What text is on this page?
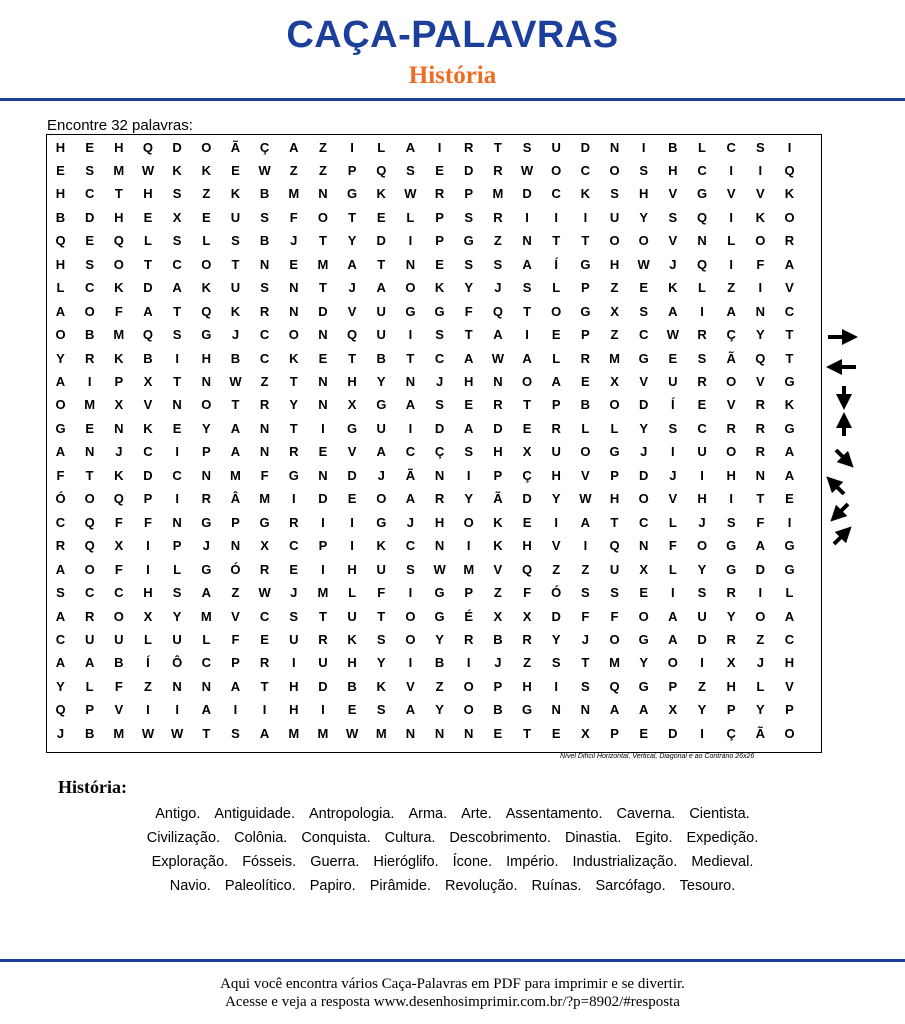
CAÇA-PALAVRAS
História
Encontre 32 palavras:
H	E	H	Q	D	O	Ã	Ç	A	Z	I	L	A	I	R	T	S	U	D	N	I	B	L	C	S	I
E	S	M	W	K	K	E	W	Z	Z	P	Q	S	E	D	R	W	O	C	O	S	H	C	I	I	Q
H	C	T	H	S	Z	K	B	M	N	G	K	W	R	P	M	D	C	K	S	H	V	G	V	V	K
B	D	H	E	X	E	U	S	F	O	T	E	L	P	S	R	I	I	I	U	Y	S	Q	I	K	O
Q	E	Q	L	S	L	S	B	J	T	Y	D	I	P	G	Z	N	T	T	O	O	V	N	L	O	R
H	S	O	T	C	O	T	N	E	M	A	T	N	E	S	S	A	Í	G	H	W	J	Q	I	F	A
L	C	K	D	A	K	U	S	N	T	J	A	O	K	Y	J	S	L	P	Z	E	K	L	Z	I	V
A	O	F	A	T	Q	K	R	N	D	V	U	G	G	F	Q	T	O	G	X	S	A	I	A	N	C
O	B	M	Q	S	G	J	C	O	N	Q	U	I	S	T	A	I	E	P	Z	C	W	R	Ç	Y	T
Y	R	K	B	I	H	B	C	K	E	T	B	T	C	A	W	A	L	R	M	G	E	S	Ã	Q	T
A	I	P	X	T	N	W	Z	T	N	H	Y	N	J	H	N	O	A	E	X	V	U	R	O	V	G
O	M	X	V	N	O	T	R	Y	N	X	G	A	S	E	R	T	P	B	O	D	Í	E	V	R	K
G	E	N	K	E	Y	A	N	T	I	G	U	I	D	A	D	E	R	L	L	Y	S	C	R	R	G
A	N	J	C	I	P	A	N	R	E	V	A	C	Ç	S	H	X	U	O	G	J	I	U	O	R	A
F	T	K	D	C	N	M	F	G	N	D	J	Ã	N	I	P	Ç	H	V	P	D	J	I	H	N	A
Ó	O	Q	P	I	R	Â	M	I	D	E	O	A	R	Y	Ã	D	Y	W	H	O	V	H	I	T	E
C	Q	F	F	N	G	P	G	R	I	I	G	J	H	O	K	E	I	A	T	C	L	J	S	F	I
R	Q	X	I	P	J	N	X	C	P	I	K	C	N	I	K	H	V	I	Q	N	F	O	G	A	G
A	O	F	I	L	G	Ó	R	E	I	H	U	S	W	M	V	Q	Z	Z	U	X	L	Y	G	D	G
S	C	C	H	S	A	Z	W	J	M	L	F	I	G	P	Z	F	Ó	S	S	E	I	S	R	I	L
A	R	O	X	Y	M	V	C	S	T	U	T	O	G	É	X	X	D	F	F	O	A	U	Y	O	A
C	U	U	L	U	L	F	E	U	R	K	S	O	Y	R	B	R	Y	J	O	G	A	D	R	Z	C
A	A	B	Í	Ô	C	P	R	I	U	H	Y	I	B	I	J	Z	S	T	M	Y	O	I	X	J	H
Y	L	F	Z	N	N	A	T	H	D	B	K	V	Z	O	P	H	I	S	Q	G	P	Z	H	L	V
Q	P	V	I	I	A	I	I	H	I	E	S	A	Y	O	B	G	N	N	A	A	X	Y	P	Y	P
J	B	M	W W	T	S	A	M	M	W	M	N	N	N	E	T	E	X	P	E	D	I	Ç	Ã	O
Nível Difícil Horizontal, Vertical, Diagonal e ao Contrário 26x26
História:
Antigo. Antiguidade. Antropologia. Arma. Arte. Assentamento. Caverna. Cientista.
Civilização. Colônia. Conquista. Cultura. Descobrimento. Dinastia. Egito. Expedição.
Exploração. Fósseis. Guerra. Hieróglifo. Ícone. Império. Industrialização. Medieval.
Navio. Paleolítico. Papiro. Pirâmide. Revolução. Ruínas. Sarcófago. Tesouro.
Aqui você encontra vários Caça-Palavras em PDF para imprimir e se divertir.
Acesse e veja a resposta www.desenhosimprimir.com.br/?p=8902/#resposta
